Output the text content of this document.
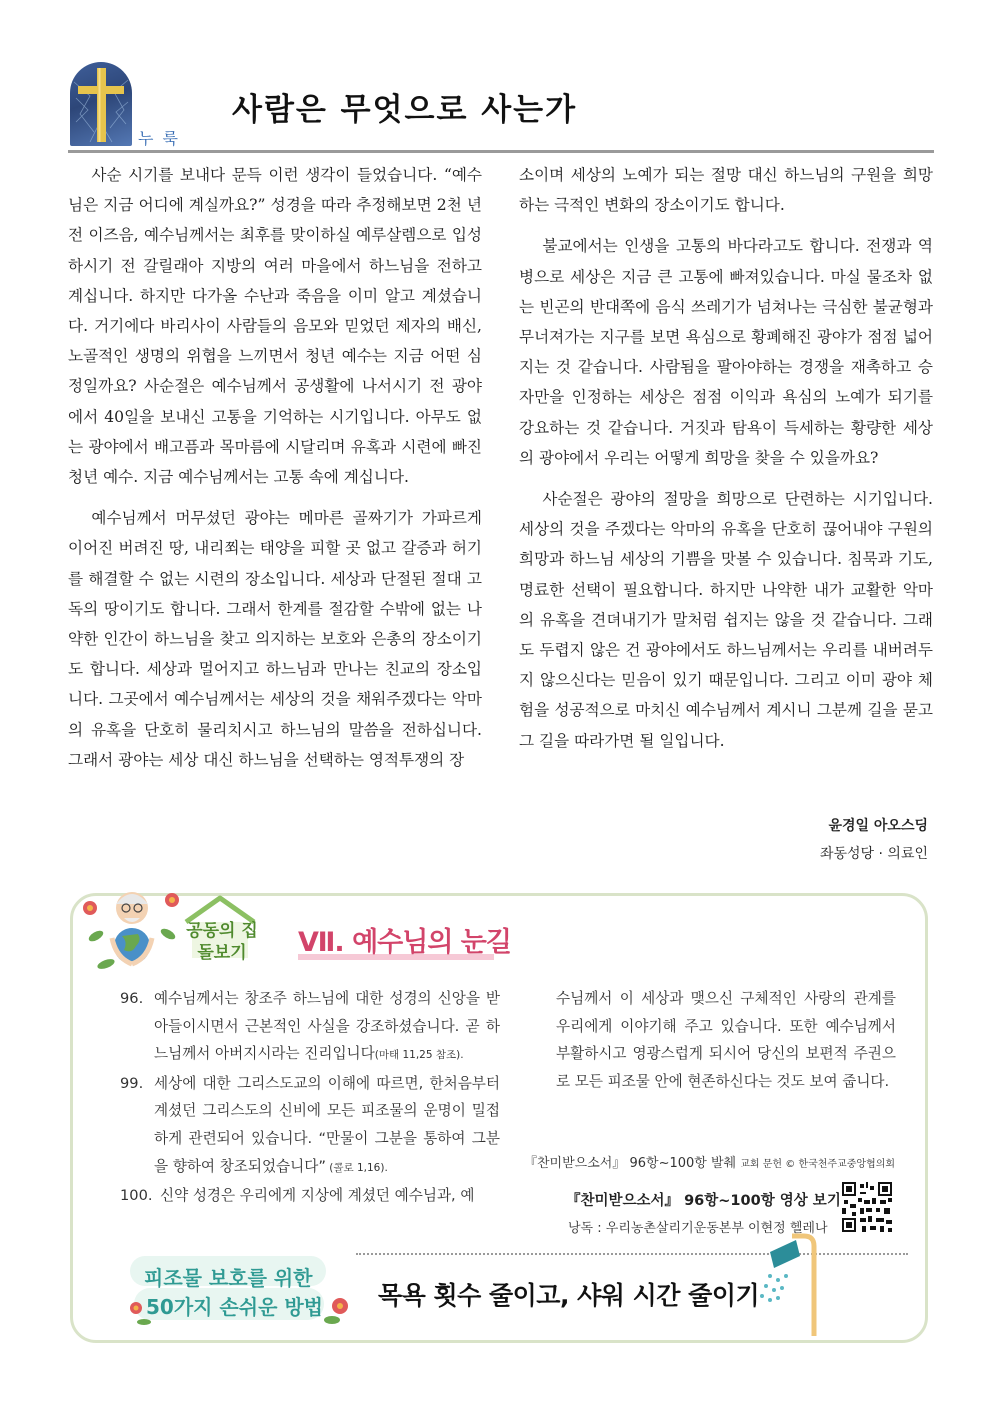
누 룩
사람은 무엇으로 사는가

사순 시기를 보내다 문득 이런 생각이 들었습니다. “예수님은 지금 어디에 계실까요?” 성경을 따라 추정해보면 2천 년 전 이즈음, 예수님께서는 최후를 맞이하실 예루살렘으로 입성하시기 전 갈릴래아 지방의 여러 마을에서 하느님을 전하고 계십니다. 하지만 다가올 수난과 죽음을 이미 알고 계셨습니다. 거기에다 바리사이 사람들의 음모와 믿었던 제자의 배신, 노골적인 생명의 위협을 느끼면서 청년 예수는 지금 어떤 심정일까요? 사순절은 예수님께서 공생활에 나서시기 전 광야에서 40일을 보내신 고통을 기억하는 시기입니다. 아무도 없는 광야에서 배고픔과 목마름에 시달리며 유혹과 시련에 빠진 청년 예수. 지금 예수님께서는 고통 속에 계십니다.

예수님께서 머무셨던 광야는 메마른 골짜기가 가파르게 이어진 버려진 땅, 내리쬐는 태양을 피할 곳 없고 갈증과 허기를 해결할 수 없는 시련의 장소입니다. 세상과 단절된 절대 고독의 땅이기도 합니다. 그래서 한계를 절감할 수밖에 없는 나약한 인간이 하느님을 찾고 의지하는 보호와 은총의 장소이기도 합니다. 세상과 멀어지고 하느님과 만나는 친교의 장소입니다. 그곳에서 예수님께서는 세상의 것을 채워주겠다는 악마의 유혹을 단호히 물리치시고 하느님의 말씀을 전하십니다. 그래서 광야는 세상 대신 하느님을 선택하는 영적투쟁의 장

소이며 세상의 노예가 되는 절망 대신 하느님의 구원을 희망하는 극적인 변화의 장소이기도 합니다.

불교에서는 인생을 고통의 바다라고도 합니다. 전쟁과 역병으로 세상은 지금 큰 고통에 빠져있습니다. 마실 물조차 없는 빈곤의 반대쪽에 음식 쓰레기가 넘쳐나는 극심한 불균형과 무너져가는 지구를 보면 욕심으로 황폐해진 광야가 점점 넓어지는 것 같습니다. 사람됨을 팔아야하는 경쟁을 재촉하고 승자만을 인정하는 세상은 점점 이익과 욕심의 노예가 되기를 강요하는 것 같습니다. 거짓과 탐욕이 득세하는 황량한 세상의 광야에서 우리는 어떻게 희망을 찾을 수 있을까요?

사순절은 광야의 절망을 희망으로 단련하는 시기입니다. 세상의 것을 주겠다는 악마의 유혹을 단호히 끊어내야 구원의 희망과 하느님 세상의 기쁨을 맛볼 수 있습니다. 침묵과 기도, 명료한 선택이 필요합니다. 하지만 나약한 내가 교활한 악마의 유혹을 견뎌내기가 말처럼 쉽지는 않을 것 같습니다. 그래도 두렵지 않은 건 광야에서도 하느님께서는 우리를 내버려두지 않으신다는 믿음이 있기 때문입니다. 그리고 이미 광야 체험을 성공적으로 마치신 예수님께서 계시니 그분께 길을 묻고 그 길을 따라가면 될 일입니다.

윤경일 아오스딩
좌동성당 · 의료인
공동의 집
돌보기	Ⅶ. 예수님의 눈길
96. 예수님께서는 창조주 하느님에 대한 성경의 신앙을 받아들이시면서 근본적인 사실을 강조하셨습니다. 곧 하느님께서 아버지시라는 진리입니다(마태 11,25 참조).
99. 세상에 대한 그리스도교의 이해에 따르면, 한처음부터 계셨던 그리스도의 신비에 모든 피조물의 운명이 밀접하게 관련되어 있습니다. “만물이 그분을 통하여 그분을 향하여 창조되었습니다” (콜로 1,16).
100. 신약 성경은 우리에게 지상에 계셨던 예수님과, 예
수님께서 이 세상과 맺으신 구체적인 사랑의 관계를 우리에게 이야기해 주고 있습니다. 또한 예수님께서 부활하시고 영광스럽게 되시어 당신의 보편적 주권으로 모든 피조물 안에 현존하신다는 것도 보여 줍니다.
『찬미받으소서』 96항~100항 발췌 교회 문헌 © 한국천주교중앙협의회
『찬미받으소서』 96항~100항 영상 보기
낭독 : 우리농촌살리기운동본부 이현정 헬레나
피조물 보호를 위한
50가지 손쉬운 방법 목욕 횟수 줄이고, 샤워 시간 줄이기
